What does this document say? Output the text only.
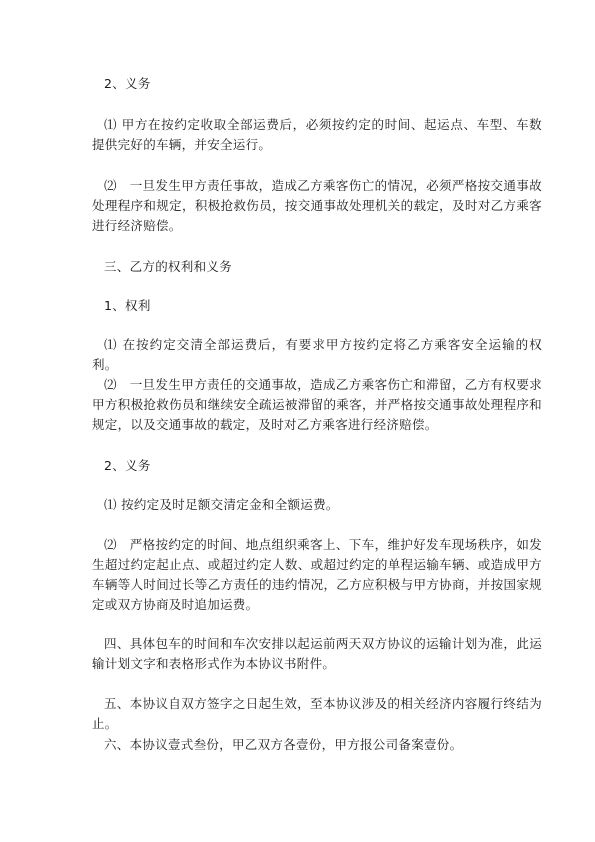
2、义务

⑴ 甲方在按约定收取全部运费后，必须按约定的时间、起运点、车型、车数提供完好的车辆，并安全运行。

⑵　一旦发生甲方责任事故，造成乙方乘客伤亡的情况，必须严格按交通事故处理程序和规定，积极抢救伤员，按交通事故处理机关的载定，及时对乙方乘客进行经济赔偿。

三、乙方的权利和义务

1、权利

⑴ 在按约定交清全部运费后，有要求甲方按约定将乙方乘客安全运输的权利。

⑵　一旦发生甲方责任的交通事故，造成乙方乘客伤亡和滞留，乙方有权要求甲方积极抢救伤员和继续安全疏运被滞留的乘客，并严格按交通事故处理程序和规定，以及交通事故的载定，及时对乙方乘客进行经济赔偿。

2、义务

⑴ 按约定及时足额交清定金和全额运费。

⑵　严格按约定的时间、地点组织乘客上、下车，维护好发车现场秩序，如发生超过约定起止点、或超过约定人数、或超过约定的单程运输车辆、或造成甲方车辆等人时间过长等乙方责任的违约情况，乙方应积极与甲方协商，并按国家规定或双方协商及时追加运费。

四、具体包车的时间和车次安排以起运前两天双方协议的运输计划为准，此运输计划文字和表格形式作为本协议书附件。

五、本协议自双方签字之日起生效，至本协议涉及的相关经济内容履行终结为止。

六、本协议壹式叁份，甲乙双方各壹份，甲方报公司备案壹份。
